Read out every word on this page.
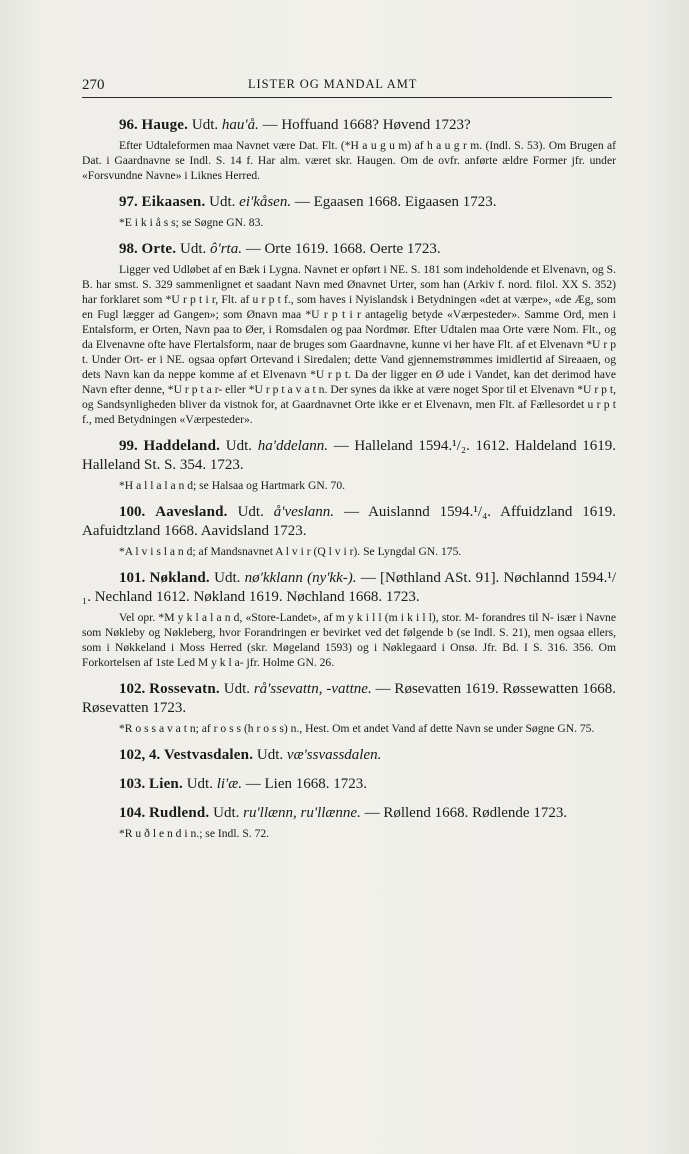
270	LISTER OG MANDAL AMT
96. Hauge. Udt. hau'å. — Hoffuand 1668? Høvend 1723?
Efter Udtaleformen maa Navnet være Dat. Flt. (*H a u g u m) af h a u g r m. (Indl. S. 53). Om Brugen af Dat. i Gaardnavne se Indl. S. 14 f. Har alm. været skr. Haugen. Om de ovfr. anførte ældre Former jfr. under «Forsvundne Navne» i Liknes Herred.
97. Eikaasen. Udt. ei'kåsen. — Egaasen 1668. Eigaasen 1723.
*E i k i å s s; se Søgne GN. 83.
98. Orte. Udt. ô'rta. — Orte 1619. 1668. Oerte 1723.
Ligger ved Udløbet af en Bæk i Lygna. Navnet er opført i NE. S. 181 som indeholdende et Elvenavn, og S. B. har smst. S. 329 sammenlignet et saadant Navn med Ønavnet Urter, som han (Arkiv f. nord. filol. XX S. 352) har forklaret som *U r p t i r, Flt. af u r p t f., som haves i Nyislandsk i Betydningen «det at værpe», «de Æg, som en Fugl lægger ad Gangen»; som Ønavn maa *U r p t i r antagelig betyde «Værpesteder». Samme Ord, men i Entalsform, er Orten, Navn paa to Øer, i Romsdalen og paa Nordmør. Efter Udtalen maa Orte være Nom. Flt., og da Elvenavne ofte have Flertalsform, naar de bruges som Gaardnavne, kunne vi her have Flt. af et Elvenavn *U r p t. Under Ort- er i NE. ogsaa opført Ortevand i Siredalen; dette Vand gjennemstrømmes imidlertid af Sireaaen, og dets Navn kan da neppe komme af et Elvenavn *U r p t. Da der ligger en Ø ude i Vandet, kan det derimod have Navn efter denne, *U r p t a r- eller *U r p t a v a t n. Der synes da ikke at være noget Spor til et Elvenavn *U r p t, og Sandsynligheden bliver da vistnok for, at Gaardnavnet Orte ikke er et Elvenavn, men Flt. af Fællesordet u r p t f., med Betydningen «Værpesteder».
99. Haddeland. Udt. ha'ddelann. — Halleland 1594.¹/₂. 1612. Haldeland 1619. Halleland St. S. 354. 1723.
*H a l l a l a n d; se Halsaa og Hartmark GN. 70.
100. Aavesland. Udt. å'veslann. — Auislannd 1594.¹/₄. Affuidzland 1619. Aafuidtzland 1668. Aavidsland 1723.
*A l v i s l a n d; af Mandsnavnet A l v i r (Q l v i r). Se Lyngdal GN. 175.
101. Nøkland. Udt. nø'kklann (ny'kk-). — [Nøthland ASt. 91]. Nøchlannd 1594.¹/₁. Nechland 1612. Nøkland 1619. Nøchland 1668. 1723.
Vel opr. *M y k l a l a n d, «Store-Landet», af m y k i l l (m i k i l l), stor. M- forandres til N- især i Navne som Nøkleby og Nøkleberg, hvor Forandringen er bevirket ved det følgende b (se Indl. S. 21), men ogsaa ellers, som i Nøkkeland i Moss Herred (skr. Møgeland 1593) og i Nøklegaard i Onsø. Jfr. Bd. I S. 316. 356. Om Forkortelsen af 1ste Led M y k l a- jfr. Holme GN. 26.
102. Rossevatn. Udt. rå'ssevattn, -vattne. — Røsevatten 1619. Røssewatten 1668. Røsevatten 1723.
*R o s s a v a t n; af r o s s (h r o s s) n., Hest. Om et andet Vand af dette Navn se under Søgne GN. 75.
102, 4. Vestvasdalen. Udt. væ'ssvassdalen.
103. Lien. Udt. li'æ. — Lien 1668. 1723.
104. Rudlend. Udt. ru'llænn, ru'llænne. — Røllend 1668. Rødlende 1723.
*R u ð l e n d i n.; se Indl. S. 72.
